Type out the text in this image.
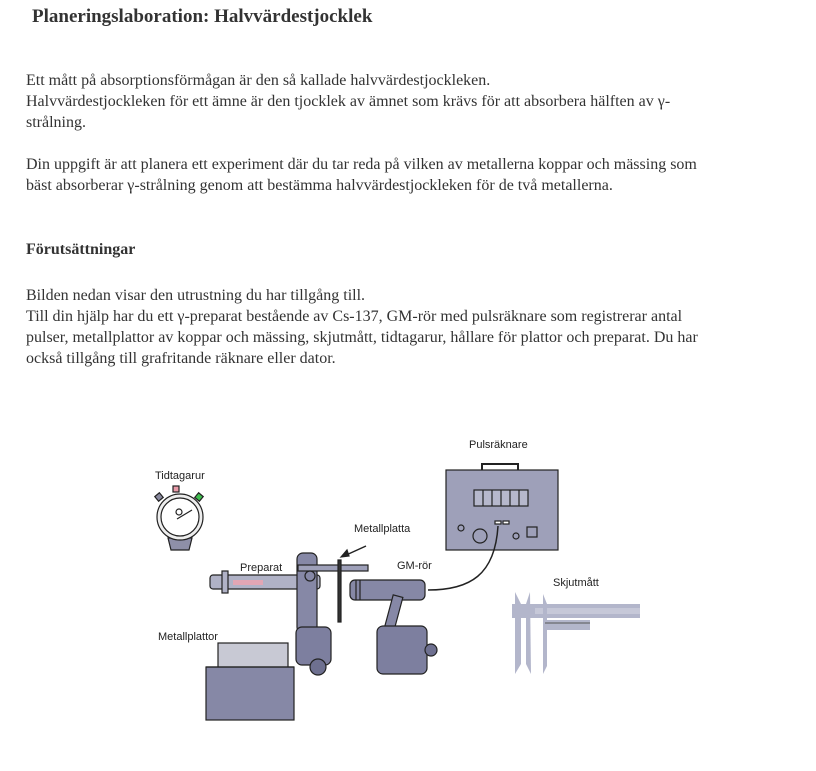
Planeringslaboration: Halvvärdestjocklek
Ett mått på absorptionsförmågan är den så kallade halvvärdestjockleken.
Halvvärdestjockleken för ett ämne är den tjocklek av ämnet som krävs för att absorbera hälften av γ-
strålning.
Din uppgift är att planera ett experiment där du tar reda på vilken av metallerna koppar och mässing som
bäst absorberar γ-strålning genom att bestämma halvvärdestjockleken för de två metallerna.
Förutsättningar
Bilden nedan visar den utrustning du har tillgång till.
Till din hjälp har du ett γ-preparat bestående av Cs-137, GM-rör med pulsräknare som registrerar antal
pulser, metallplattor av koppar och mässing, skjutmått, tidtagarur, hållare för plattor och preparat. Du har
också tillgång till grafritande räknare eller dator.
Tidtagarur
Pulsräknare
Metallplatta
Preparat	GM-rör
Skjutmått
Metallplattor
